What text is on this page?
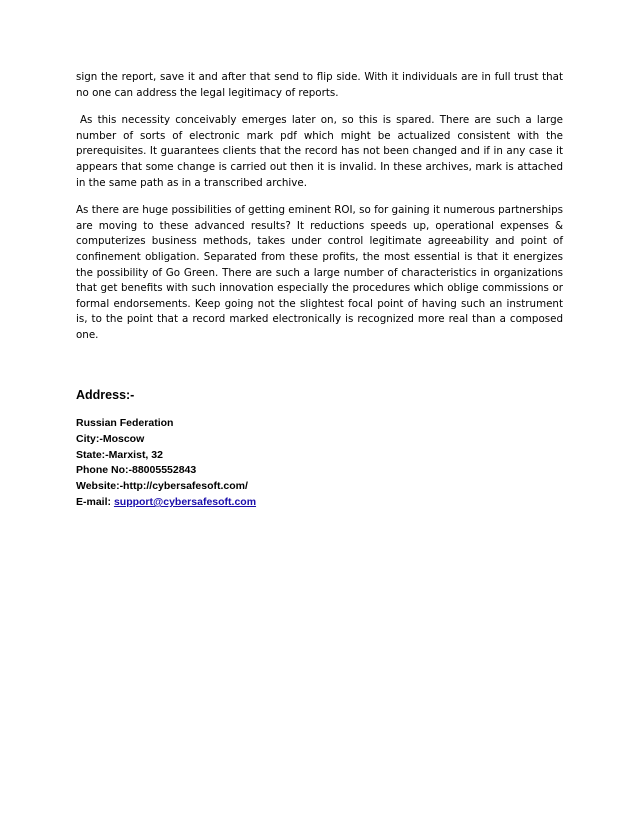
sign the report, save it and after that send to flip side. With it individuals are in full trust that no one can address the legal legitimacy of reports.

As this necessity conceivably emerges later on, so this is spared. There are such a large number of sorts of electronic mark pdf which might be actualized consistent with the prerequisites. It guarantees clients that the record has not been changed and if in any case it appears that some change is carried out then it is invalid. In these archives, mark is attached in the same path as in a transcribed archive.

As there are huge possibilities of getting eminent ROI, so for gaining it numerous partnerships are moving to these advanced results? It reductions speeds up, operational expenses & computerizes business methods, takes under control legitimate agreeability and point of confinement obligation. Separated from these profits, the most essential is that it energizes the possibility of Go Green. There are such a large number of characteristics in organizations that get benefits with such innovation especially the procedures which oblige commissions or formal endorsements. Keep going not the slightest focal point of having such an instrument is, to the point that a record marked electronically is recognized more real than a composed one.

Address:-

Russian Federation

City:-Moscow

State:-Marxist, 32

Phone No:-88005552843

Website:-http://cybersafesoft.com/

E-mail: support@cybersafesoft.com
